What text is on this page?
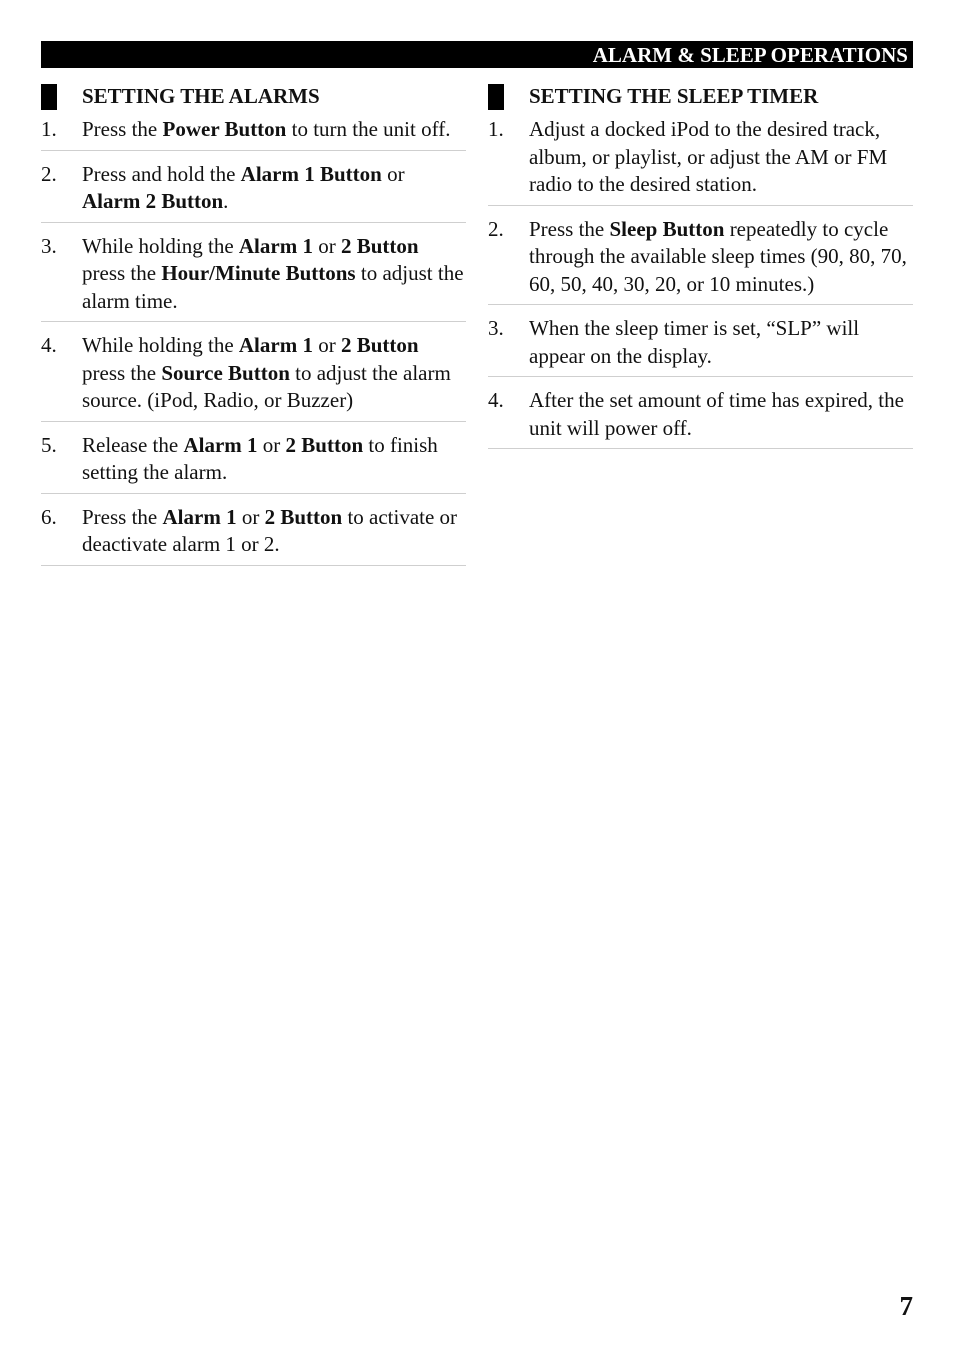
ALARM & SLEEP OPERATIONS
SETTING THE ALARMS
1.	Press the Power Button to turn the unit off.
2.	Press and hold the Alarm 1 Button or Alarm 2 Button.
3.	While holding the Alarm 1 or 2 Button press the Hour/Minute Buttons to adjust the alarm time.
4.	While holding the Alarm 1 or 2 Button press the Source Button to adjust the alarm source. (iPod, Radio, or Buzzer)
5.	Release the Alarm 1 or 2 Button to finish setting the alarm.
6.	Press the Alarm 1 or 2 Button to activate or deactivate alarm 1 or 2.
SETTING THE SLEEP TIMER
1.	Adjust a docked iPod to the desired track, album, or playlist, or adjust the AM or FM radio to the desired station.
2.	Press the Sleep Button repeatedly to cycle through the available sleep times (90, 80, 70, 60, 50, 40, 30, 20, or 10 minutes.)
3.	When the sleep timer is set, “SLP” will appear on the display.
4.	After the set amount of time has expired, the unit will power off.
7
